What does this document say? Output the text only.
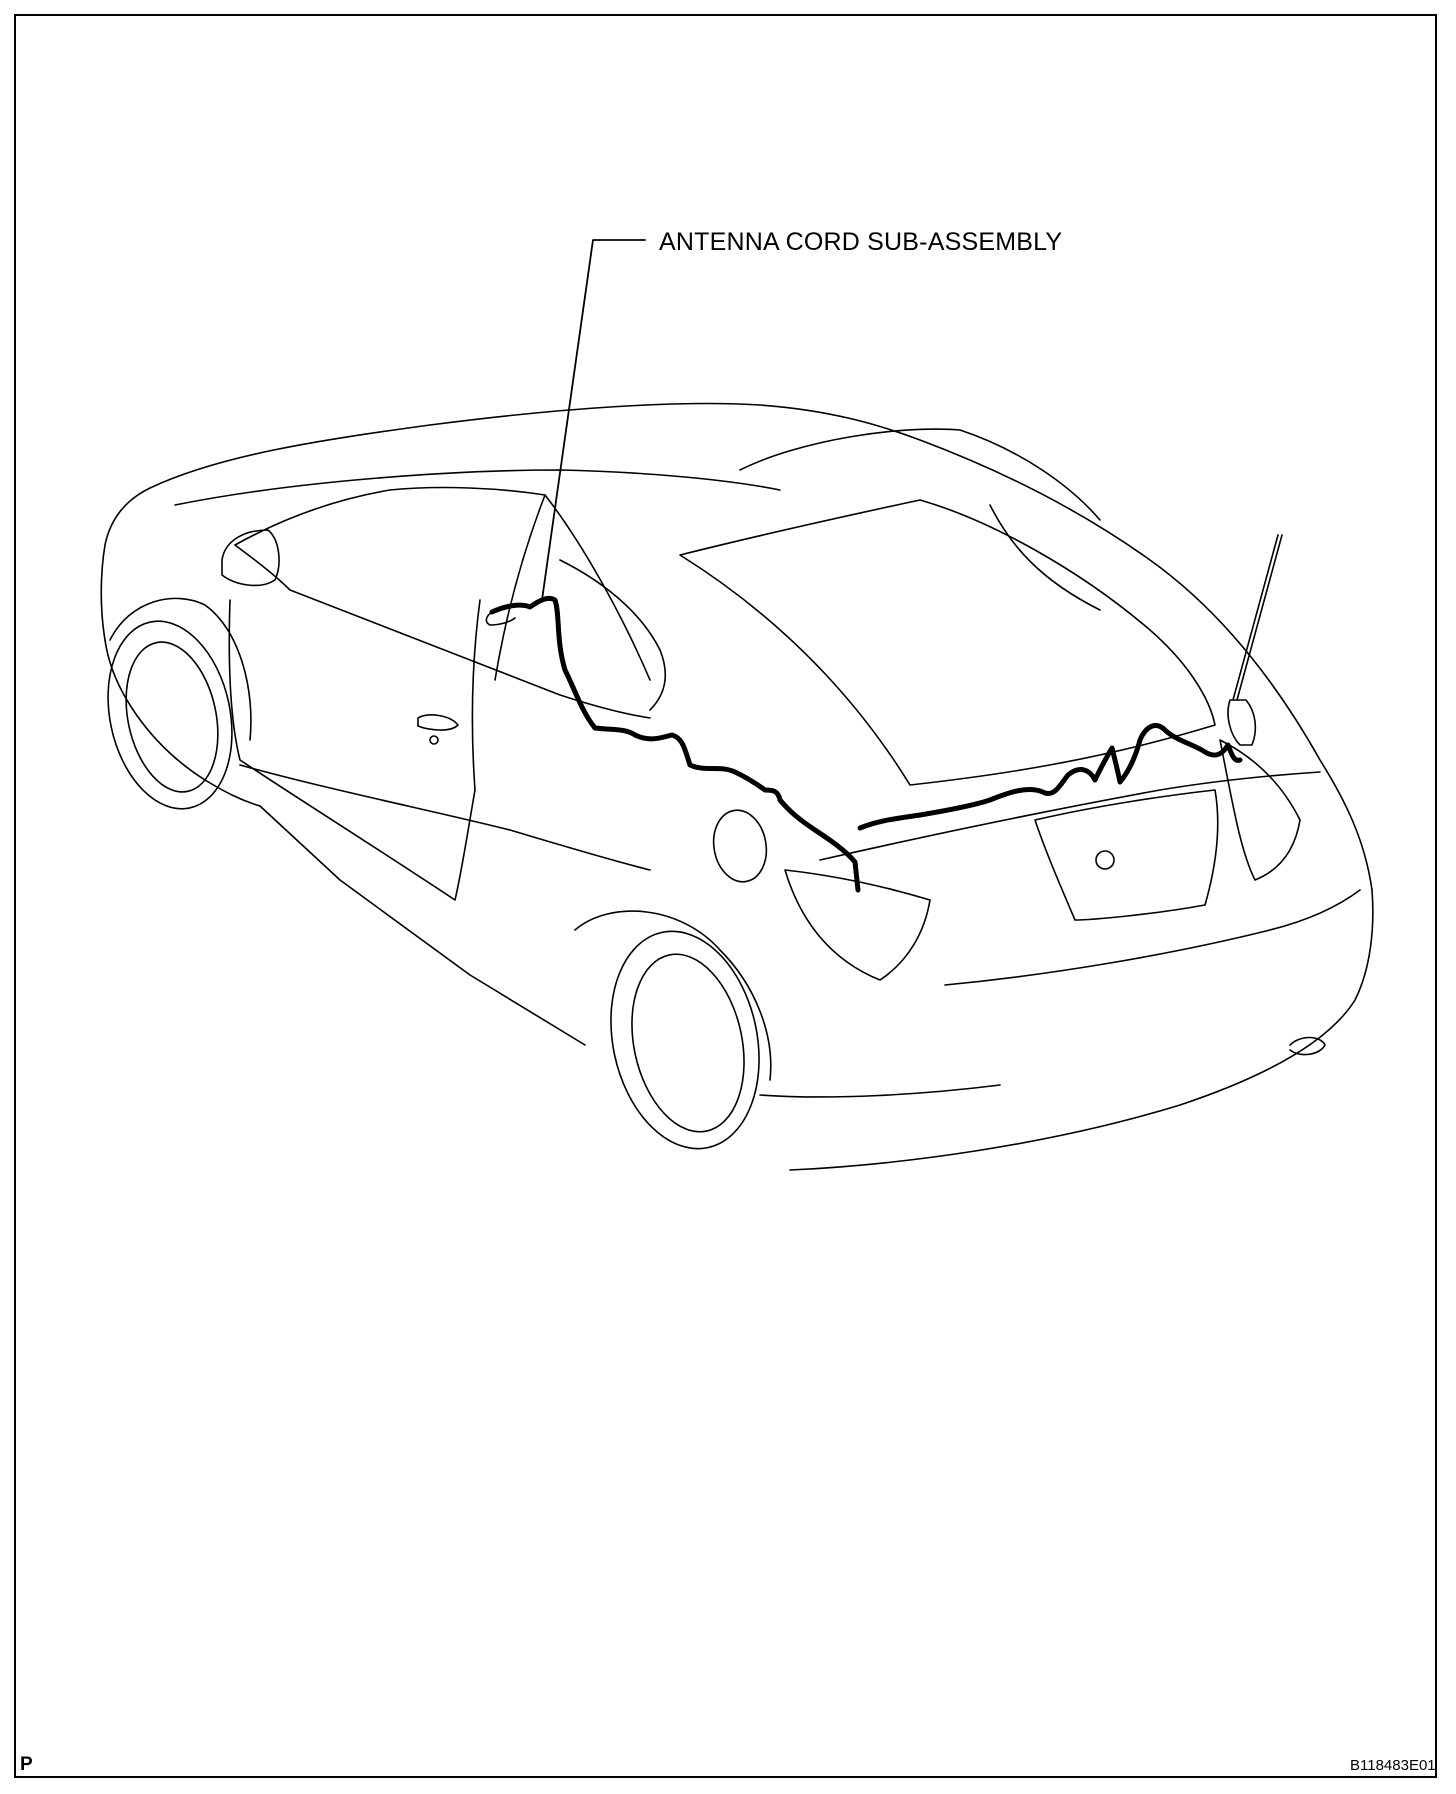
ANTENNA CORD SUB-ASSEMBLY
P	B118483E01
